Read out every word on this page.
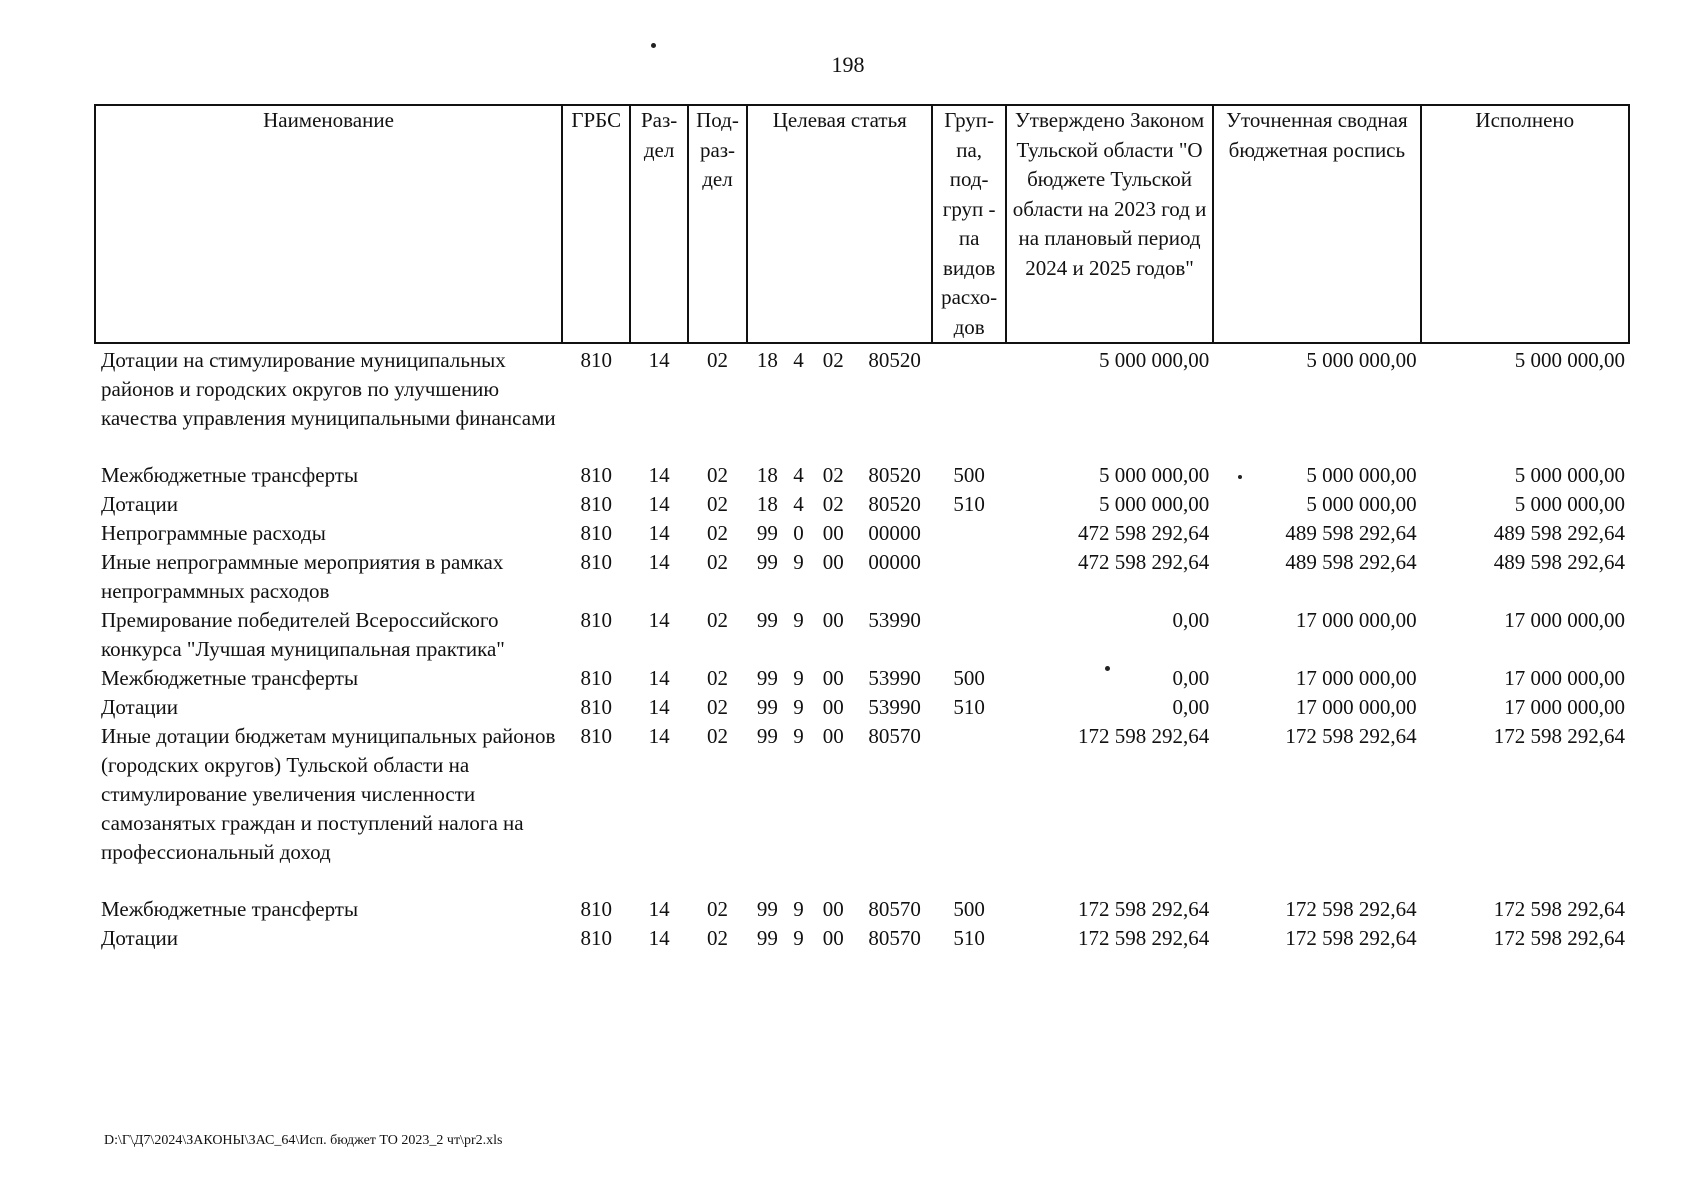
198
Наименование	ГРБС	Раз- дел	Под- раз- дел	Целевая статья				Груп- па, под- груп - па видов расхо- дов	Утверждено Законом Тульской области "О бюджете Тульской области на 2023 год и на плановый период 2024 и 2025 годов"	Уточненная сводная бюджетная роспись	Исполнено
Дотации на стимулирование муниципальных районов и городских округов по улучшению качества управления муниципальными финансами	810	14	02	18	4	02	80520		5 000 000,00	5 000 000,00	5 000 000,00
Межбюджетные трансферты	810	14	02	18	4	02	80520	500	5 000 000,00	5 000 000,00	5 000 000,00
Дотации	810	14	02	18	4	02	80520	510	5 000 000,00	5 000 000,00	5 000 000,00
Непрограммные расходы	810	14	02	99	0	00	00000		472 598 292,64	489 598 292,64	489 598 292,64
Иные непрограммные мероприятия в рамках непрограммных расходов	810	14	02	99	9	00	00000		472 598 292,64	489 598 292,64	489 598 292,64
Премирование победителей Всероссийского конкурса "Лучшая муниципальная практика"	810	14	02	99	9	00	53990		0,00	17 000 000,00	17 000 000,00
Межбюджетные трансферты	810	14	02	99	9	00	53990	500	0,00	17 000 000,00	17 000 000,00
Дотации	810	14	02	99	9	00	53990	510	0,00	17 000 000,00	17 000 000,00
Иные дотации бюджетам муниципальных районов (городских округов) Тульской области на стимулирование увеличения численности самозанятых граждан и поступлений налога на профессиональный доход	810	14	02	99	9	00	80570		172 598 292,64	172 598 292,64	172 598 292,64
Межбюджетные трансферты	810	14	02	99	9	00	80570	500	172 598 292,64	172 598 292,64	172 598 292,64
Дотации	810	14	02	99	9	00	80570	510	172 598 292,64	172 598 292,64	172 598 292,64
D:\Г\Д7\2024\ЗАКОНЫ\ЗАС_64\Исп. бюджет ТО 2023_2 чт\pr2.xls
